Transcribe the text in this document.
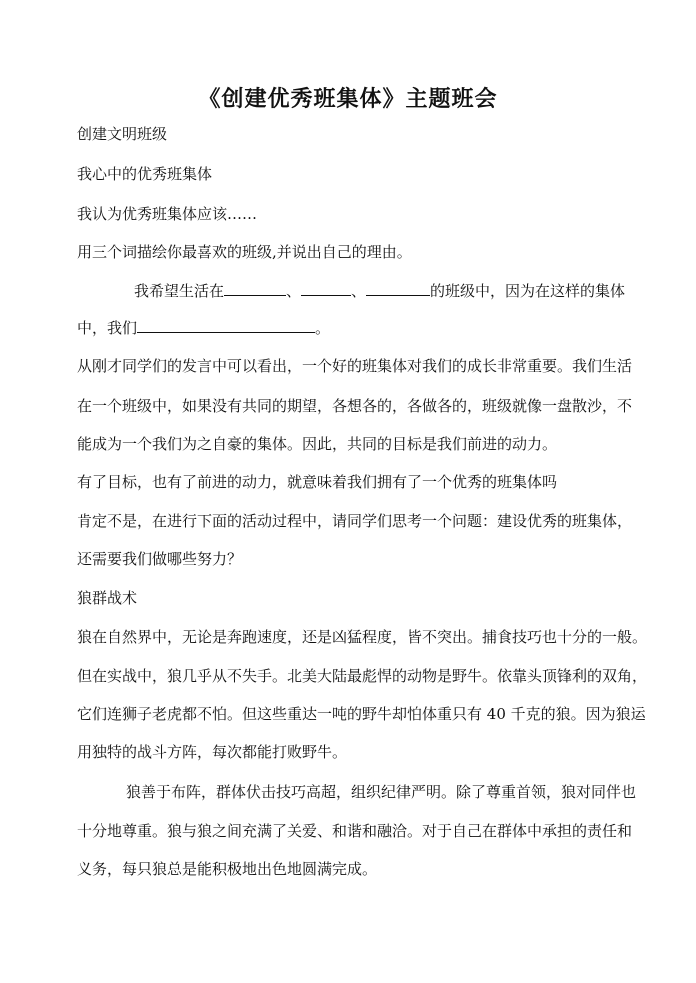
《创建优秀班集体》主题班会
创建文明班级
我心中的优秀班集体
我认为优秀班集体应该……
用三个词描绘你最喜欢的班级,并说出自己的理由。
我希望生活在	、	、	的班级中，因为在这样的集体
中，我们	。
从刚才同学们的发言中可以看出，一个好的班集体对我们的成长非常重要。我们生活
在一个班级中，如果没有共同的期望，各想各的，各做各的，班级就像一盘散沙，不
能成为一个我们为之自豪的集体。因此，共同的目标是我们前进的动力。
有了目标，也有了前进的动力，就意味着我们拥有了一个优秀的班集体吗
肯定不是，在进行下面的活动过程中，请同学们思考一个问题：建设优秀的班集体，
还需要我们做哪些努力？
狼群战术
狼在自然界中，无论是奔跑速度，还是凶猛程度，皆不突出。捕食技巧也十分的一般。
但在实战中，狼几乎从不失手。北美大陆最彪悍的动物是野牛。依靠头顶锋利的双角，
它们连狮子老虎都不怕。但这些重达一吨的野牛却怕体重只有 40 千克的狼。因为狼运
用独特的战斗方阵，每次都能打败野牛。
狼善于布阵，群体伏击技巧高超，组织纪律严明。除了尊重首领，狼对同伴也
十分地尊重。狼与狼之间充满了关爱、和谐和融洽。对于自己在群体中承担的责任和
义务，每只狼总是能积极地出色地圆满完成。
